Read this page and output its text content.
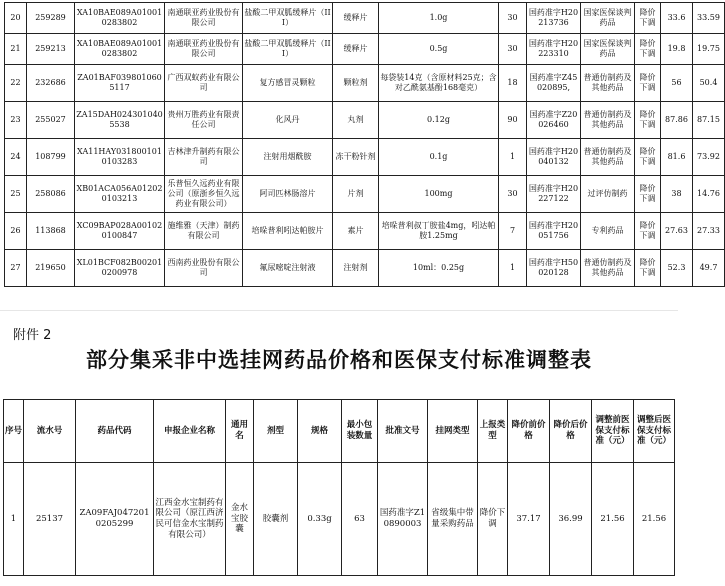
20	259289	XA10BAE089A010010283802	南通联亚药业股份有限公司	盐酸二甲双胍缓释片（III）	缓释片	1.0g	30	国药准字H20213736	国家医保谈判药品	降价下调	33.6	33.59
21	259213	XA10BAE089A010010283802	南通联亚药业股份有限公司	盐酸二甲双胍缓释片（III）	缓释片	0.5g	30	国药准字H20223310	国家医保谈判药品	降价下调	19.8	19.75
22	232686	ZA01BAF0398010605117	广西双蚁药业有限公司	复方感冒灵颗粒	颗粒剂	每袋装14克（含原材料25克；含对乙酰氨基酚168毫克）	18	国药准字Z45020895,	普通仿制药及其他药品	降价下调	56	50.4
23	255027	ZA15DAH0243010405538	贵州万胜药业有限责任公司	化风丹	丸剂	0.12g	90	国药准字Z20026460	普通仿制药及其他药品	降价下调	87.86	87.15
24	108799	XA11HAY0318001010103283	吉林津升制药有限公司	注射用烟酰胺	冻干粉针剂	0.1g	1	国药准字H20040132	普通仿制药及其他药品	降价下调	81.6	73.92
25	258086	XB01ACA056A012020103213	乐普恒久远药业有限公司（原浙乡恒久远药业有限公司）	阿司匹林肠溶片	片剂	100mg	30	国药准字H20227122	过评仿制药	降价下调	38	14.76
26	113868	XC09BAP028A001020100847	施维雅（天津）制药有限公司	培哚普利吲达帕胺片	素片	培哚普利叔丁胺盐4mg，吲达帕胺1.25mg	7	国药准字H20051756	专利药品	降价下调	27.63	27.33
27	219650	XL01BCF082B002010200978	西南药业股份有限公司	氟尿嘧啶注射液	注射剂	10ml：0.25g	1	国药准字H50020128	普通仿制药及其他药品	降价下调	52.3	49.7
附件 2
部分集采非中选挂网药品价格和医保支付标准调整表
序号	流水号	药品代码	申报企业名称	通用名	剂型	规格	最小包装数量	批准文号	挂网类型	上报类型	降价前价格	降价后价格	调整前医保支付标准（元）	调整后医保支付标准（元）
1	25137	ZA09FAJ0472010205299	江西金水宝制药有限公司（原江西济民可信金水宝制药有限公司）	金水宝胶囊	胶囊剂	0.33g	63	国药准字Z10890003	省级集中带量采购药品	降价下调	37.17	36.99	21.56	21.56
